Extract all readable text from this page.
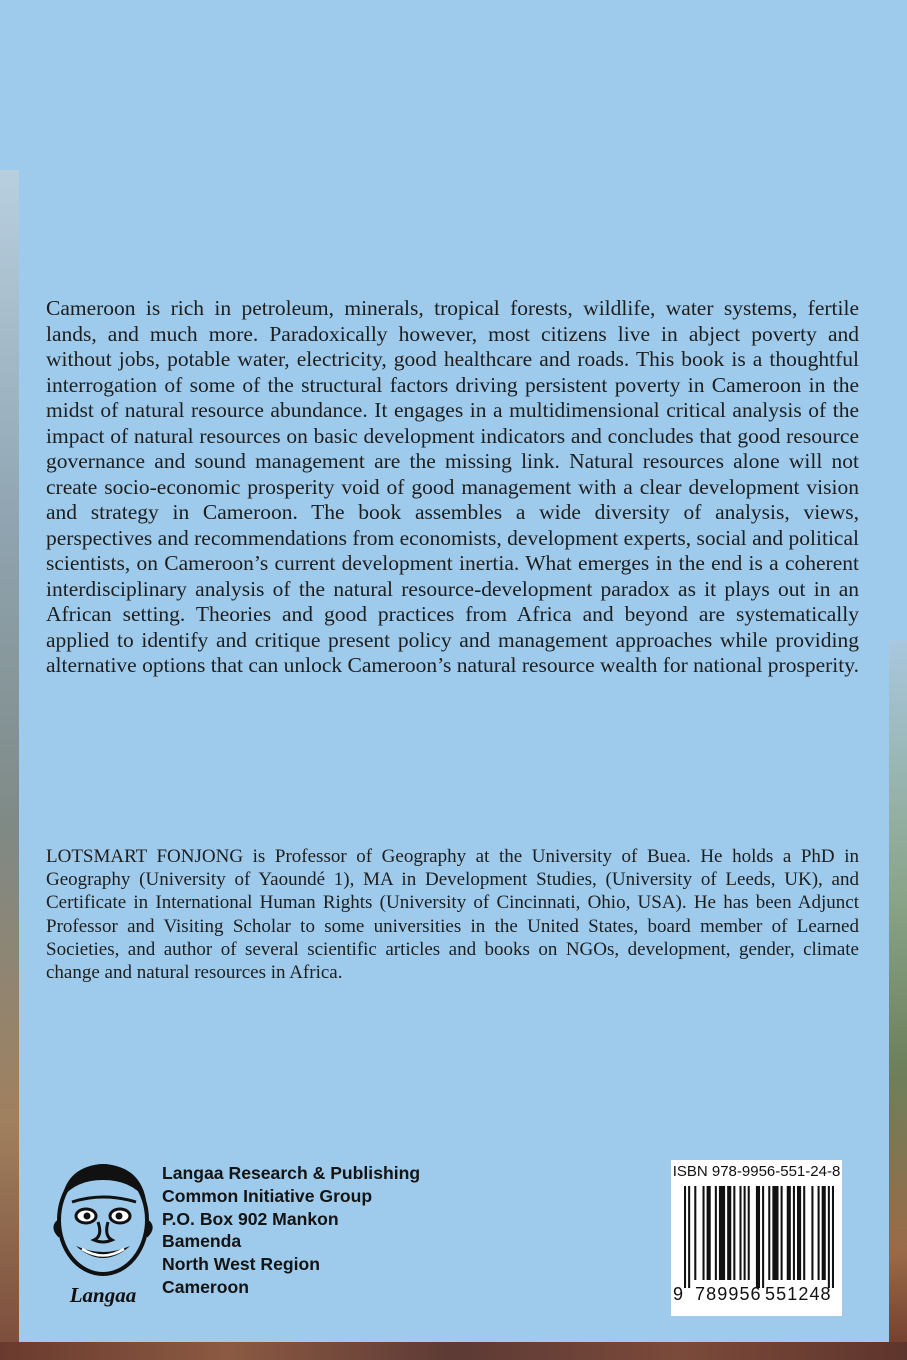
Cameroon is rich in petroleum, minerals, tropical forests, wildlife, water systems, fertile lands, and much more. Paradoxically however, most citizens live in abject poverty and without jobs, potable water, electricity, good healthcare and roads. This book is a thoughtful interrogation of some of the structural factors driving persistent poverty in Cameroon in the midst of natural resource abundance. It engages in a multidimensional critical analysis of the impact of natural resources on basic development indicators and concludes that good resource governance and sound management are the missing link. Natural resources alone will not create socio-economic prosperity void of good management with a clear development vision and strategy in Cameroon. The book assembles a wide diversity of analysis, views, perspectives and recommendations from economists, development experts, social and political scientists, on Cameroon’s current development inertia. What emerges in the end is a coherent interdisciplinary analysis of the natural resource-development paradox as it plays out in an African setting. Theories and good practices from Africa and beyond are systematically applied to identify and critique present policy and management approaches while providing alternative options that can unlock Cameroon’s natural resource wealth for national prosperity.

LOTSMART FONJONG is Professor of Geography at the University of Buea. He holds a PhD in Geography (University of Yaoundé 1), MA in Development Studies, (University of Leeds, UK), and Certificate in International Human Rights (University of Cincinnati, Ohio, USA). He has been Adjunct Professor and Visiting Scholar to some universities in the United States, board member of Learned Societies, and author of several scientific articles and books on NGOs, development, gender, climate change and natural resources in Africa.

Langaa
Langaa Research & Publishing
Common Initiative Group
P.O. Box 902 Mankon
Bamenda
North West Region
Cameroon
ISBN 978-9956-551-24-8
9 789956 551248
